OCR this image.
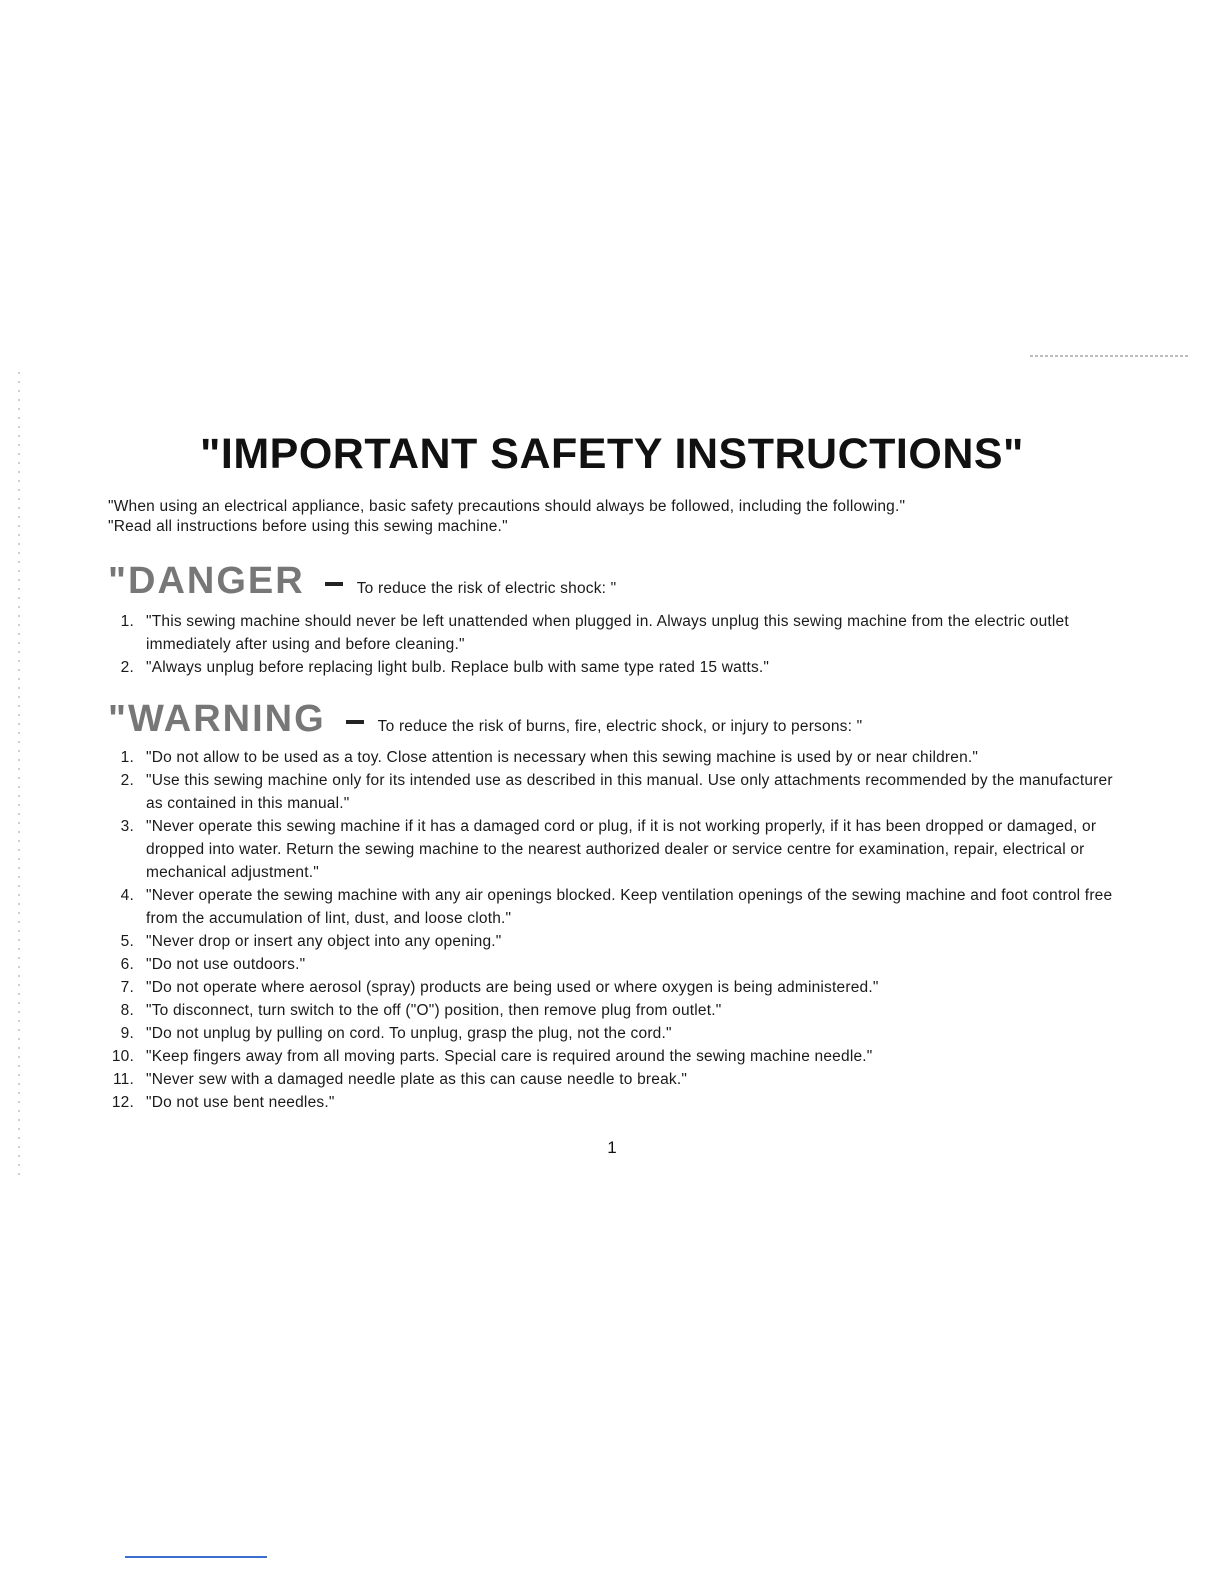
"IMPORTANT SAFETY INSTRUCTIONS"

"When using an electrical appliance, basic safety precautions should always be followed, including the following."

"Read all instructions before using this sewing machine."

"DANGER	To reduce the risk of electric shock: "
1. "This sewing machine should never be left unattended when plugged in. Always unplug this sewing machine from the electric outlet immediately after using and before cleaning."
2. "Always unplug before replacing light bulb. Replace bulb with same type rated 15 watts."
"WARNING	To reduce the risk of burns, fire, electric shock, or injury to persons: "
1. "Do not allow to be used as a toy. Close attention is necessary when this sewing machine is used by or near children."
2. "Use this sewing machine only for its intended use as described in this manual. Use only attachments recommended by the manufacturer as contained in this manual."
3. "Never operate this sewing machine if it has a damaged cord or plug, if it is not working properly, if it has been dropped or damaged, or dropped into water. Return the sewing machine to the nearest authorized dealer or service centre for examination, repair, electrical or mechanical adjustment."
4. "Never operate the sewing machine with any air openings blocked. Keep ventilation openings of the sewing machine and foot control free from the accumulation of lint, dust, and loose cloth."
5. "Never drop or insert any object into any opening."
6. "Do not use outdoors."
7. "Do not operate where aerosol (spray) products are being used or where oxygen is being administered."
8. "To disconnect, turn switch to the off ("O") position, then remove plug from outlet."
9. "Do not unplug by pulling on cord. To unplug, grasp the plug, not the cord."
10. "Keep fingers away from all moving parts. Special care is required around the sewing machine needle."
11. "Never sew with a damaged needle plate as this can cause needle to break."
12. "Do not use bent needles."
1
